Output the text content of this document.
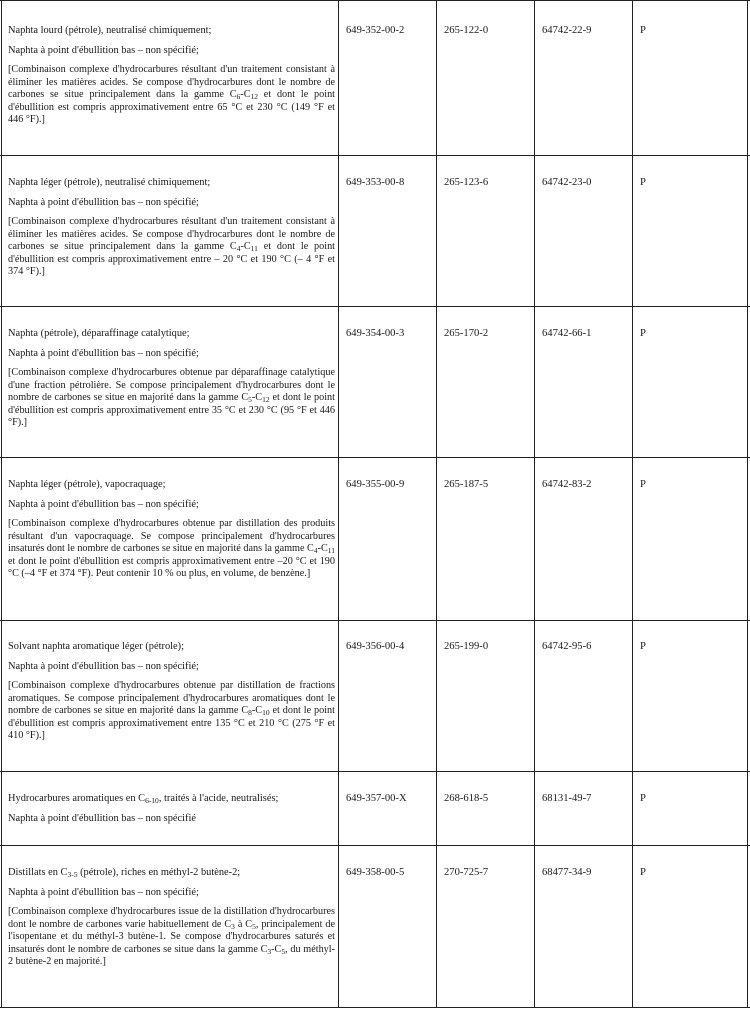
Naphta lourd (pétrole), neutralisé chimiquement;

Naphta à point d'ébullition bas – non spécifié;

[Combinaison complexe d'hydrocarbures résultant d'un traitement consistant à éliminer les matières acides. Se compose d'hydrocarbures dont le nombre de carbones se situe principalement dans la gamme $C_6-C_{12}$ et dont le point d'ébullition est compris approximativement entre 65 °C et 230 °C (149 °F et 446 °F).]

649-352-00-2	265-122-0	64742-22-9	P

Naphta léger (pétrole), neutralisé chimiquement;

Naphta à point d'ébullition bas – non spécifié;

[Combinaison complexe d'hydrocarbures résultant d'un traitement consistant à éliminer les matières acides. Se compose d'hydrocarbures dont le nombre de carbones se situe principalement dans la gamme $C_4-C_{11}$ et dont le point d'ébullition est compris approximativement entre – 20 °C et 190 °C (– 4 °F et 374 °F).]

649-353-00-8	265-123-6	64742-23-0	P

Naphta (pétrole), déparaffinage catalytique;

Naphta à point d'ébullition bas – non spécifié;

[Combinaison complexe d'hydrocarbures obtenue par déparaffinage catalytique d'une fraction pétrolière. Se compose principalement d'hydrocarbures dont le nombre de carbones se situe en majorité dans la gamme $C_5-C_{12}$ et dont le point d'ébullition est compris approximativement entre 35 °C et 230 °C (95 °F et 446 °F).]

649-354-00-3	265-170-2	64742-66-1	P

Naphta léger (pétrole), vapocraquage;

Naphta à point d'ébullition bas – non spécifié;

[Combinaison complexe d'hydrocarbures obtenue par distillation des produits résultant d'un vapocraquage. Se compose principalement d'hydrocarbures insaturés dont le nombre de carbones se situe en majorité dans la gamme $C_4-C_{11}$ et dont le point d'ébullition est compris approximativement entre –20 °C et 190 °C (–4 °F et 374 °F). Peut contenir 10 % ou plus, en volume, de benzène.]

649-355-00-9	265-187-5	64742-83-2	P

Solvant naphta aromatique léger (pétrole);

Naphta à point d'ébullition bas – non spécifié;

[Combinaison complexe d'hydrocarbures obtenue par distillation de fractions aromatiques. Se compose principalement d'hydrocarbures aromatiques dont le nombre de carbones se situe en majorité dans la gamme $C_8-C_{10}$ et dont le point d'ébullition est compris approximativement entre 135 °C et 210 °C (275 °F et 410 °F).]

649-356-00-4	265-199-0	64742-95-6	P

Hydrocarbures aromatiques en $C_{6-10}$, traités à l'acide, neutralisés;

Naphta à point d'ébullition bas – non spécifié

649-357-00-X	268-618-5	68131-49-7	P

Distillats en $C_{3-5}$ (pétrole), riches en méthyl-2 butène-2;

Naphta à point d'ébullition bas – non spécifié;

[Combinaison complexe d'hydrocarbures issue de la distillation d'hydrocarbures dont le nombre de carbones varie habituellement de $C_3$ à $C_5$, principalement de l'isopentane et du méthyl-3 butène-1. Se compose d'hydrocarbures saturés et insaturés dont le nombre de carbones se situe dans la gamme $C_3-C_5$, du méthyl-2 butène-2 en majorité.]

649-358-00-5	270-725-7	68477-34-9	P
